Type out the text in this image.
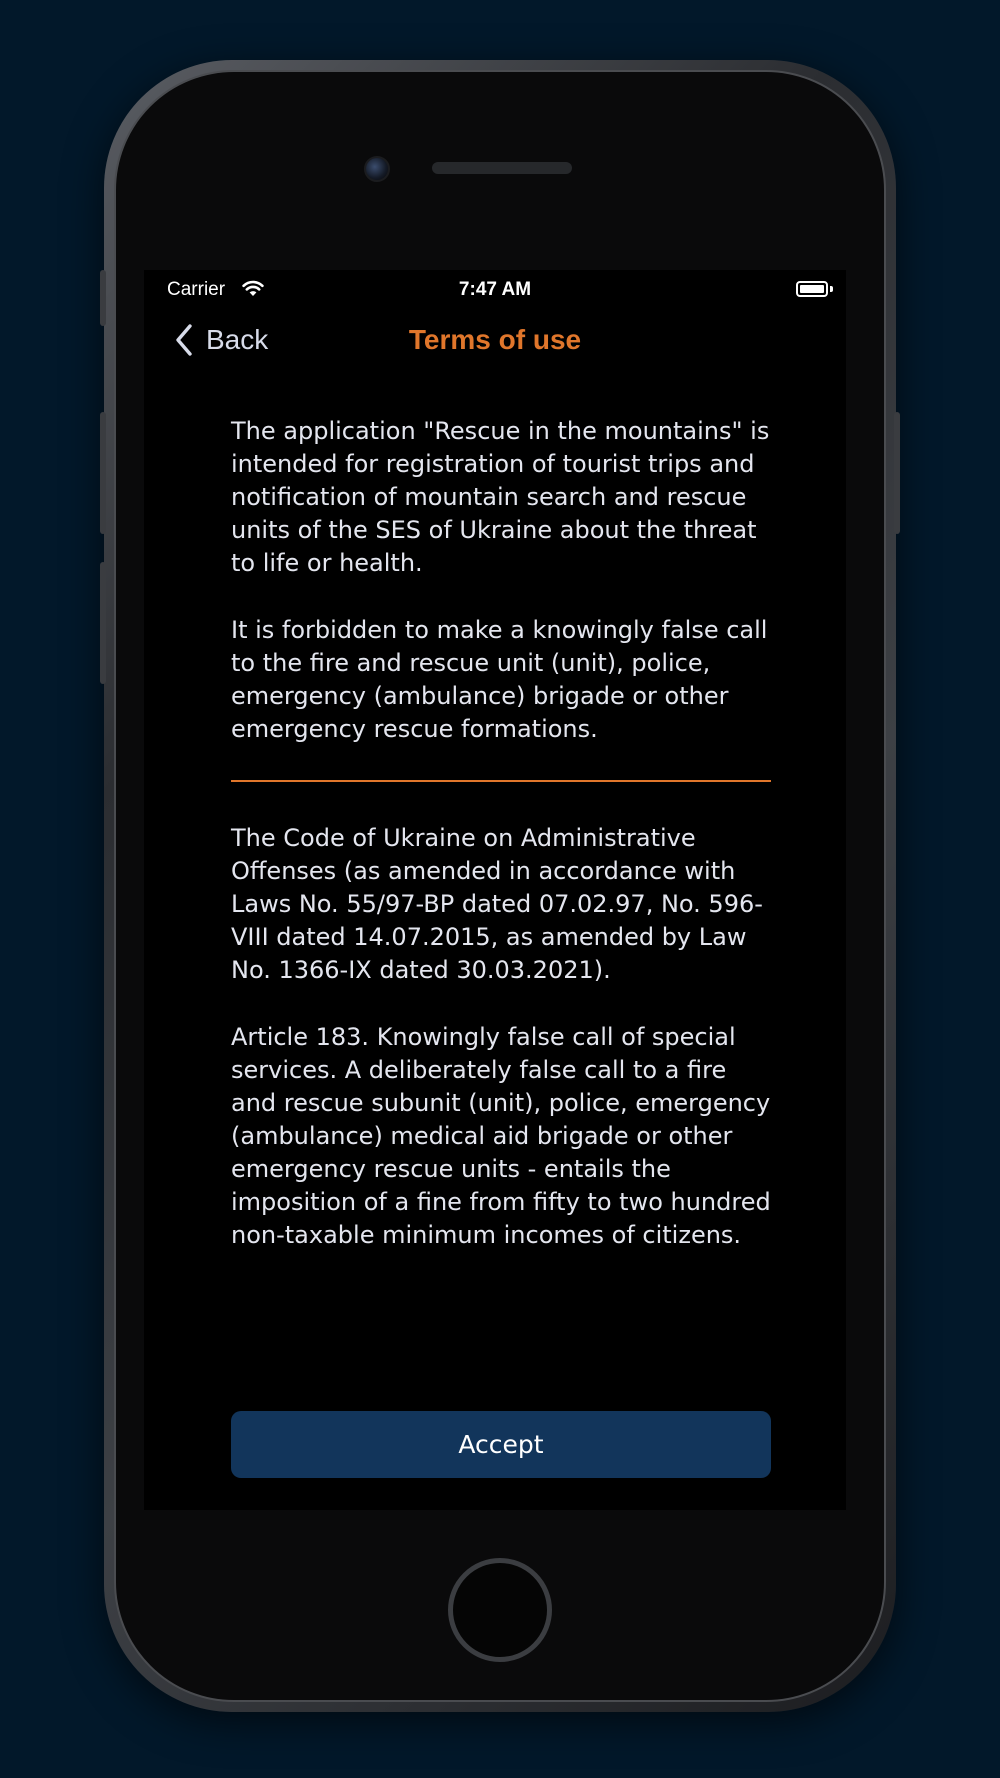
Carrier	7:47 AM
Back	Terms of use

The application "Rescue in the mountains" is intended for registration of tourist trips and notification of mountain search and rescue units of the SES of Ukraine about the threat to life or health.

It is forbidden to make a knowingly false call to the fire and rescue unit (unit), police, emergency (ambulance) brigade or other emergency rescue formations.

The Code of Ukraine on Administrative Offenses (as amended in accordance with Laws No. 55/97-BP dated 07.02.97, No. 596-VIII dated 14.07.2015, as amended by Law No. 1366-IX dated 30.03.2021).

Article 183. Knowingly false call of special services. A deliberately false call to a fire and rescue subunit (unit), police, emergency (ambulance) medical aid brigade or other emergency rescue units - entails the imposition of a fine from fifty to two hundred non-taxable minimum incomes of citizens.

Accept
